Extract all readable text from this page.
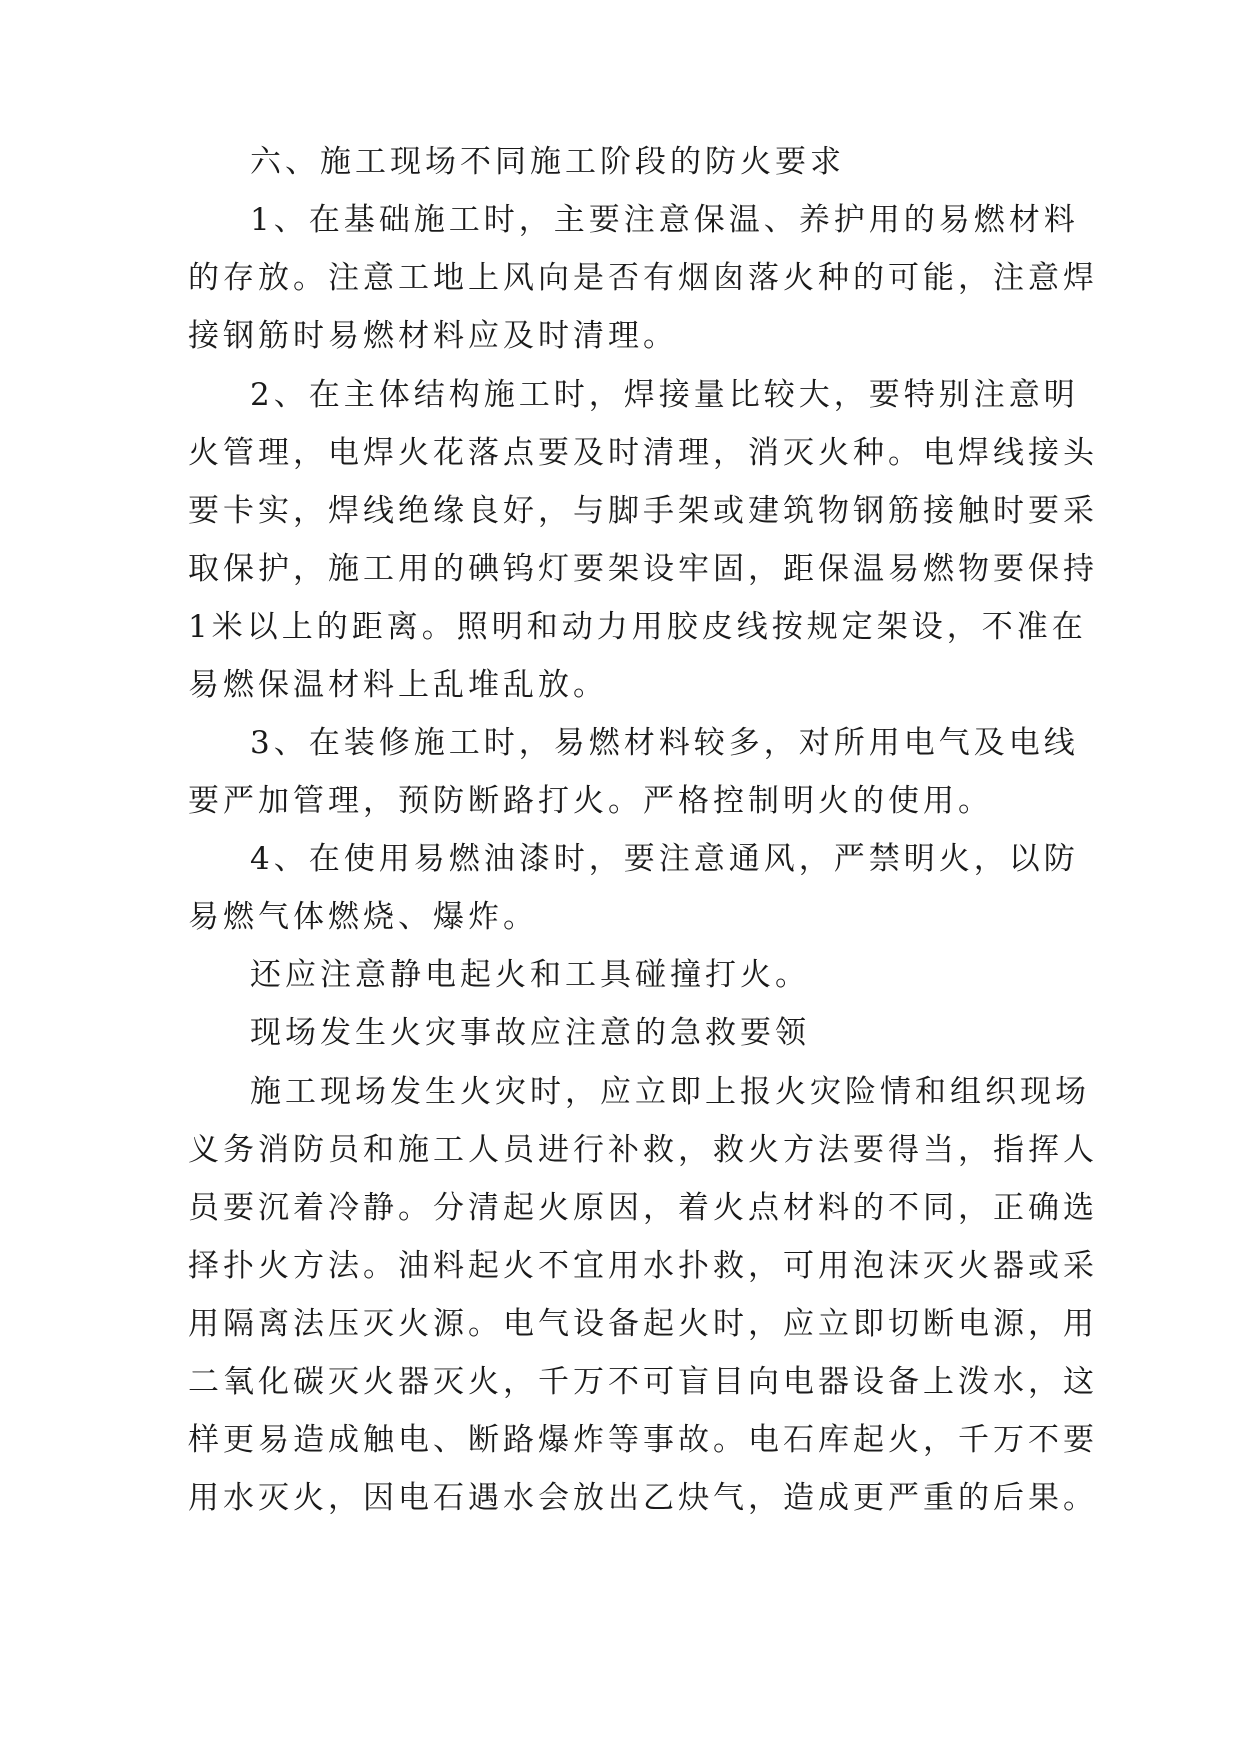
六、施工现场不同施工阶段的防火要求
1、在基础施工时，主要注意保温、养护用的易燃材料
的存放。注意工地上风向是否有烟囱落火种的可能，注意焊
接钢筋时易燃材料应及时清理。
2、在主体结构施工时，焊接量比较大，要特别注意明
火管理，电焊火花落点要及时清理，消灭火种。电焊线接头
要卡实，焊线绝缘良好，与脚手架或建筑物钢筋接触时要采
取保护，施工用的碘钨灯要架设牢固，距保温易燃物要保持
1米以上的距离。照明和动力用胶皮线按规定架设，不准在
易燃保温材料上乱堆乱放。
3、在装修施工时，易燃材料较多，对所用电气及电线
要严加管理，预防断路打火。严格控制明火的使用。
4、在使用易燃油漆时，要注意通风，严禁明火，以防
易燃气体燃烧、爆炸。
还应注意静电起火和工具碰撞打火。
现场发生火灾事故应注意的急救要领
施工现场发生火灾时，应立即上报火灾险情和组织现场
义务消防员和施工人员进行补救，救火方法要得当，指挥人
员要沉着冷静。分清起火原因，着火点材料的不同，正确选
择扑火方法。油料起火不宜用水扑救，可用泡沫灭火器或采
用隔离法压灭火源。电气设备起火时，应立即切断电源，用
二氧化碳灭火器灭火，千万不可盲目向电器设备上泼水，这
样更易造成触电、断路爆炸等事故。电石库起火，千万不要
用水灭火，因电石遇水会放出乙炔气，造成更严重的后果。
